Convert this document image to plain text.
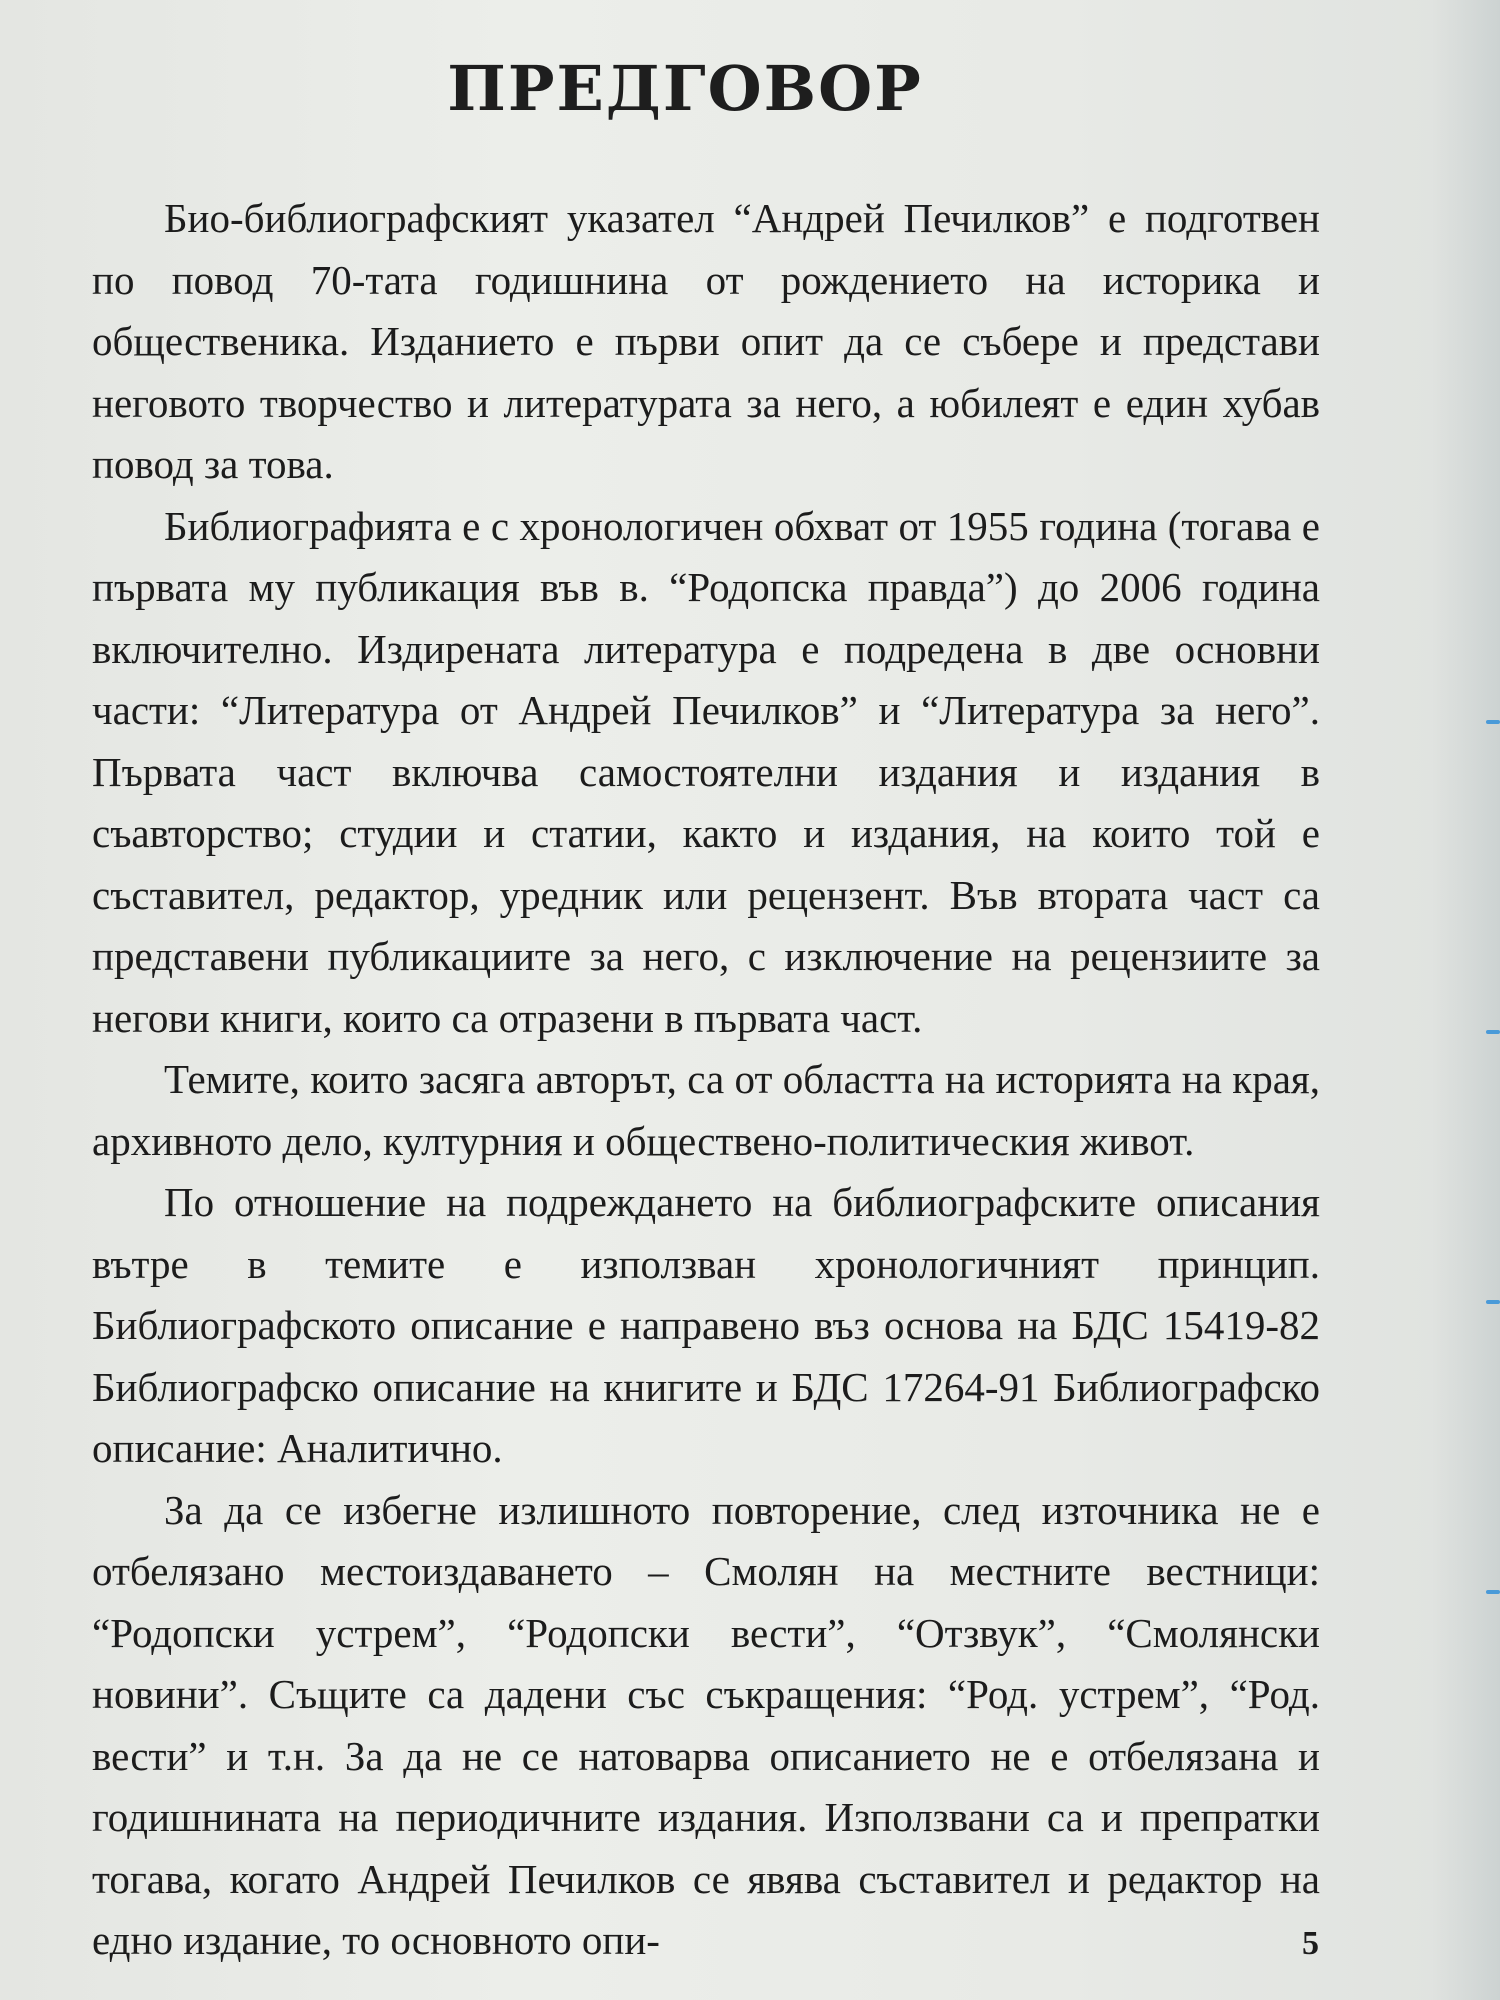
ПРЕДГОВОР

Био-библиографският указател “Андрей Печилков” е подготвен по повод 70-тата годишнина от рождението на историка и общественика. Изданието е първи опит да се събере и представи неговото творчество и литературата за него, а юбилеят е един хубав повод за това.

Библиографията е с хронологичен обхват от 1955 година (тогава е първата му публикация във в. “Родопска правда”) до 2006 година включително. Издирената литература е подредена в две основни части: “Литература от Андрей Печилков” и “Литература за него”. Първата част включва самостоятелни издания и издания в съавторство; студии и статии, както и издания, на които той е съставител, редактор, уредник или рецензент. Във втората част са представени публикациите за него, с изключение на рецензиите за негови книги, които са отразени в първата част.

Темите, които засяга авторът, са от областта на историята на края, архивното дело, културния и обществено-политическия живот.

По отношение на подреждането на библиографските описания вътре в темите е използван хронологичният принцип. Библиографското описание е направено въз основа на БДС 15419-82 Библиографско описание на книгите и БДС 17264-91 Библиографско описание: Аналитично.

За да се избегне излишното повторение, след източника не е отбелязано местоиздаването – Смолян на местните вестници: “Родопски устрем”, “Родопски вести”, “Отзвук”, “Смолянски новини”. Същите са дадени със съкращения: “Род. устрем”, “Род. вести” и т.н. За да не се натоварва описанието не е отбелязана и годишнината на периодичните издания. Използвани са и препратки тогава, когато Андрей Печилков се явява съставител и редактор на едно издание, то основното опи-	5
